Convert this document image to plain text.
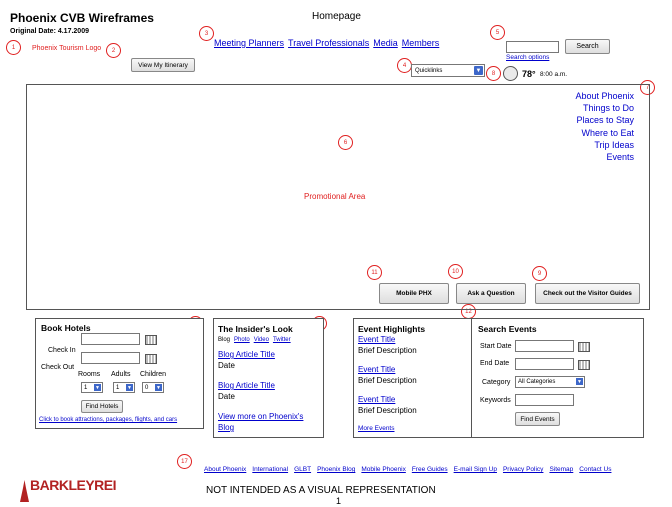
Phoenix CVB Wireframes
Original Date: 4.17.2009
Homepage
1	2
3
4
5
6
7
8
9
10
11
12
17
Phoenix Tourism Logo
View My Itinerary
Meeting Planners Travel Professionals Media Members	Search
Search options
Quicklinks	▼	78° 8:00 a.m.
Promotional Area
About Phoenix
Things to Do
Places to Stay
Where to Eat
Trip Ideas
Events
Mobile PHX	Ask a Question	Check out the Visitor Guides
Book Hotels
Check In
Check Out
Rooms Adults Children
1 ▼	1 ▼ 0 ▼
Find Hotels
Click to book attractions, packages, flights, and cars
The Insider's Look
Blog Photo Video Twitter
Blog Article Title
Date
Blog Article Title
Date
View more on Phoenix's
Blog
Event Highlights
Event Title
Brief Description
Event Title
Brief Description
Event Title
Brief Description
More Events
Search Events
Start Date
End Date
Category All Categories	▼
Keywords
Find Events
About Phoenix International GLBT Phoenix Blog Mobile Phoenix Free Guides E-mail Sign Up Privacy Policy Sitemap Contact Us
BARKLEYREI	NOT INTENDED AS A VISUAL REPRESENTATION
1
